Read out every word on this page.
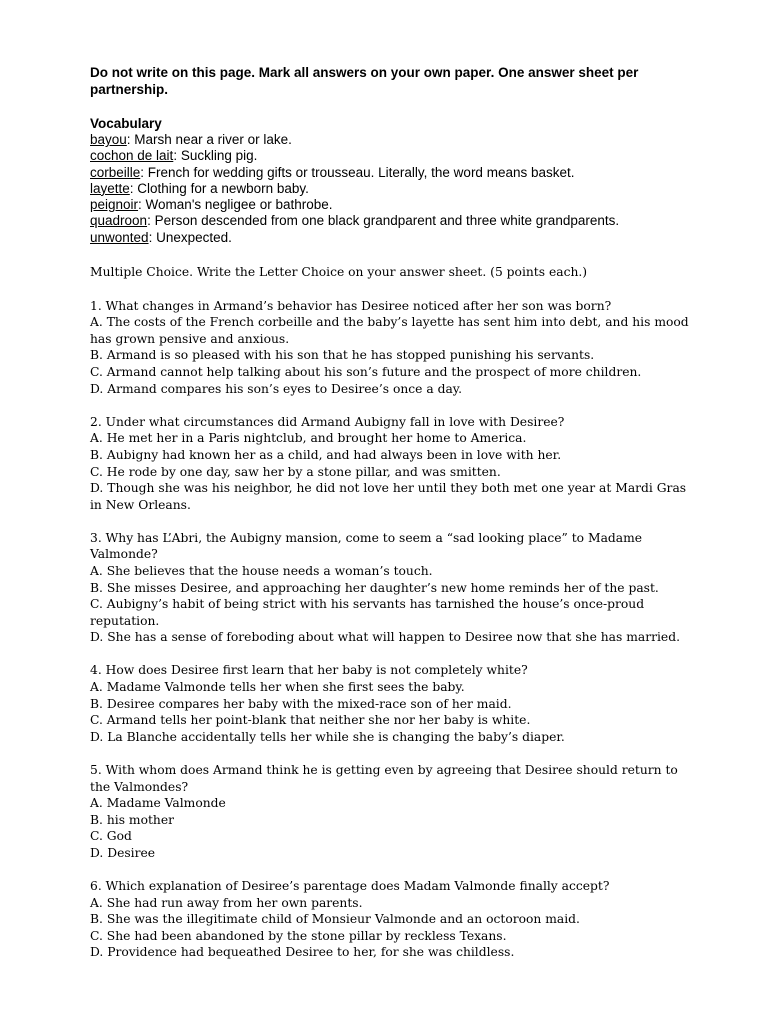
Do not write on this page. Mark all answers on your own paper. One answer sheet per partnership.

Vocabulary

bayou: Marsh near a river or lake.

cochon de lait: Suckling pig.

corbeille: French for wedding gifts or trousseau. Literally, the word means basket.

layette: Clothing for a newborn baby.

peignoir: Woman's negligee or bathrobe.

quadroon: Person descended from one black grandparent and three white grandparents.

unwonted: Unexpected.

Multiple Choice. Write the Letter Choice on your answer sheet. (5 points each.)

1. What changes in Armand’s behavior has Desiree noticed after her son was born?

A. The costs of the French corbeille and the baby’s layette has sent him into debt, and his mood has grown pensive and anxious.

B. Armand is so pleased with his son that he has stopped punishing his servants.

C. Armand cannot help talking about his son’s future and the prospect of more children.

D. Armand compares his son’s eyes to Desiree’s once a day.

2. Under what circumstances did Armand Aubigny fall in love with Desiree?

A. He met her in a Paris nightclub, and brought her home to America.

B. Aubigny had known her as a child, and had always been in love with her.

C. He rode by one day, saw her by a stone pillar, and was smitten.

D. Though she was his neighbor, he did not love her until they both met one year at Mardi Gras in New Orleans.

3. Why has L’Abri, the Aubigny mansion, come to seem a “sad looking place” to Madame Valmonde?

A. She believes that the house needs a woman’s touch.

B. She misses Desiree, and approaching her daughter’s new home reminds her of the past.

C. Aubigny’s habit of being strict with his servants has tarnished the house’s once-proud reputation.

D. She has a sense of foreboding about what will happen to Desiree now that she has married.

4. How does Desiree first learn that her baby is not completely white?

A. Madame Valmonde tells her when she first sees the baby.

B. Desiree compares her baby with the mixed-race son of her maid.

C. Armand tells her point-blank that neither she nor her baby is white.

D. La Blanche accidentally tells her while she is changing the baby’s diaper.

5. With whom does Armand think he is getting even by agreeing that Desiree should return to the Valmondes?

A. Madame Valmonde

B. his mother

C. God

D. Desiree

6. Which explanation of Desiree’s parentage does Madam Valmonde finally accept?

A. She had run away from her own parents.

B. She was the illegitimate child of Monsieur Valmonde and an octoroon maid.

C. She had been abandoned by the stone pillar by reckless Texans.

D. Providence had bequeathed Desiree to her, for she was childless.
